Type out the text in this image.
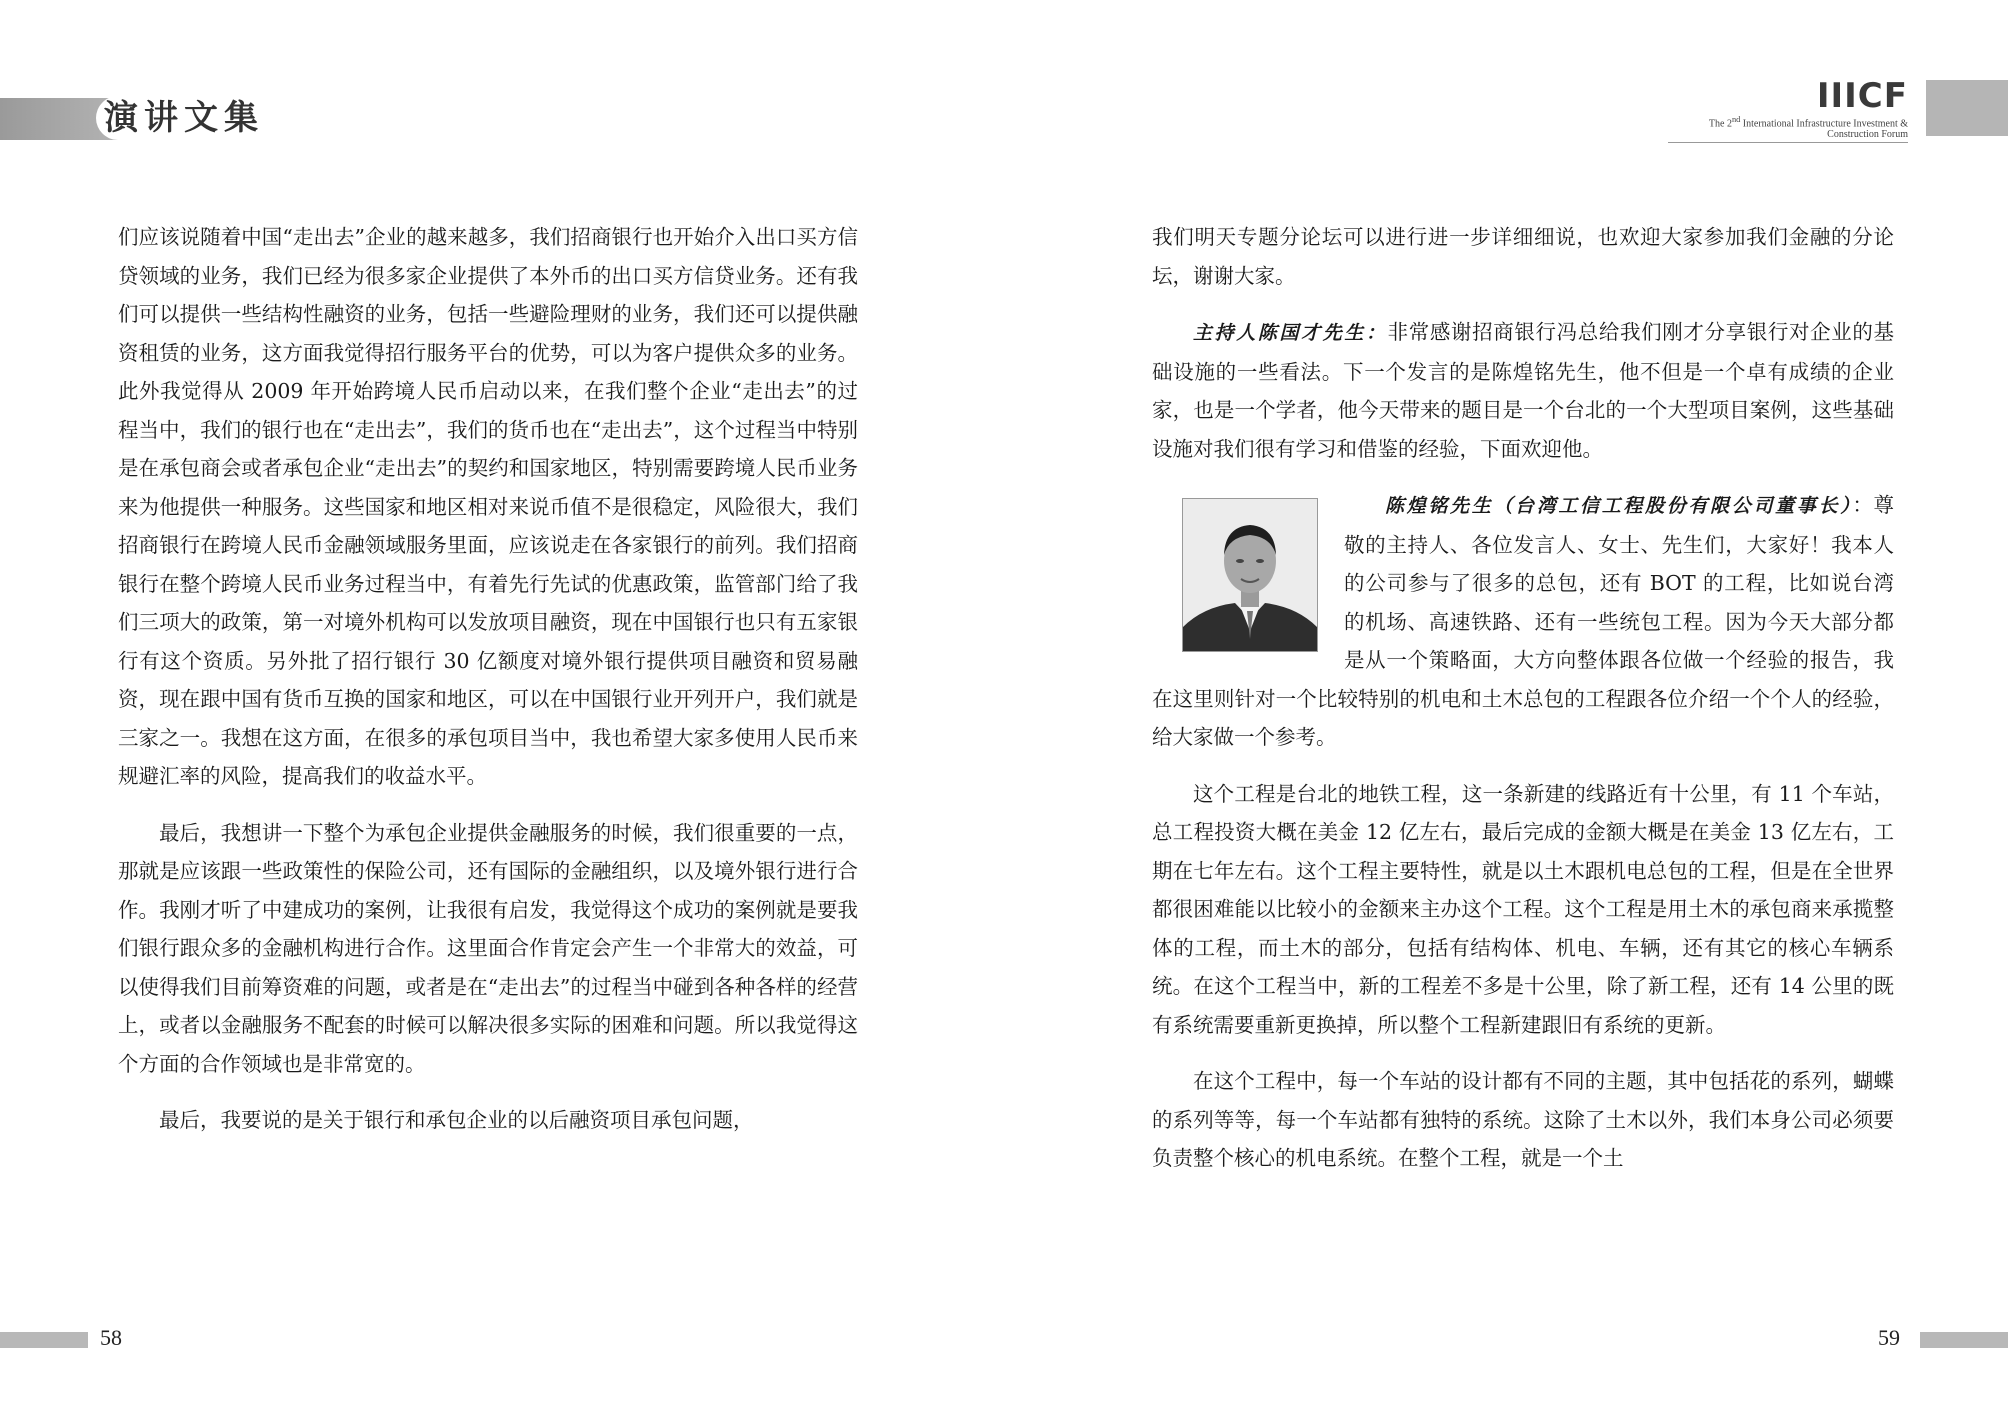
演讲文集

们应该说随着中国“走出去”企业的越来越多，我们招商银行也开始介入出口买方信贷领域的业务，我们已经为很多家企业提供了本外币的出口买方信贷业务。还有我们可以提供一些结构性融资的业务，包括一些避险理财的业务，我们还可以提供融资租赁的业务，这方面我觉得招行服务平台的优势，可以为客户提供众多的业务。此外我觉得从 2009 年开始跨境人民币启动以来，在我们整个企业“走出去”的过程当中，我们的银行也在“走出去”，我们的货币也在“走出去”，这个过程当中特别是在承包商会或者承包企业“走出去”的契约和国家地区，特别需要跨境人民币业务来为他提供一种服务。这些国家和地区相对来说币值不是很稳定，风险很大，我们招商银行在跨境人民币金融领域服务里面，应该说走在各家银行的前列。我们招商银行在整个跨境人民币业务过程当中，有着先行先试的优惠政策，监管部门给了我们三项大的政策，第一对境外机构可以发放项目融资，现在中国银行也只有五家银行有这个资质。另外批了招行银行 30 亿额度对境外银行提供项目融资和贸易融资，现在跟中国有货币互换的国家和地区，可以在中国银行业开列开户，我们就是三家之一。我想在这方面，在很多的承包项目当中，我也希望大家多使用人民币来规避汇率的风险，提高我们的收益水平。

最后，我想讲一下整个为承包企业提供金融服务的时候，我们很重要的一点，那就是应该跟一些政策性的保险公司，还有国际的金融组织，以及境外银行进行合作。我刚才听了中建成功的案例，让我很有启发，我觉得这个成功的案例就是要我们银行跟众多的金融机构进行合作。这里面合作肯定会产生一个非常大的效益，可以使得我们目前筹资难的问题，或者是在“走出去”的过程当中碰到各种各样的经营上，或者以金融服务不配套的时候可以解决很多实际的困难和问题。所以我觉得这个方面的合作领域也是非常宽的。

最后，我要说的是关于银行和承包企业的以后融资项目承包问题，

58
IIICF
The 2nd International Infrastructure Investment & Construction Forum

我们明天专题分论坛可以进行进一步详细细说，也欢迎大家参加我们金融的分论坛，谢谢大家。

主持人陈国才先生：非常感谢招商银行冯总给我们刚才分享银行对企业的基础设施的一些看法。下一个发言的是陈煌铭先生，他不但是一个卓有成绩的企业家，也是一个学者，他今天带来的题目是一个台北的一个大型项目案例，这些基础设施对我们很有学习和借鉴的经验，下面欢迎他。

陈煌铭先生（台湾工信工程股份有限公司董事长）：尊敬的主持人、各位发言人、女士、先生们，大家好！我本人的公司参与了很多的总包，还有 BOT 的工程，比如说台湾的机场、高速铁路、还有一些统包工程。因为今天大部分都是从一个策略面，大方向整体跟各位做一个经验的报告，我在这里则针对一个比较特别的机电和土木总包的工程跟各位介绍一个个人的经验，给大家做一个参考。

这个工程是台北的地铁工程，这一条新建的线路近有十公里，有 11 个车站，总工程投资大概在美金 12 亿左右，最后完成的金额大概是在美金 13 亿左右，工期在七年左右。这个工程主要特性，就是以土木跟机电总包的工程，但是在全世界都很困难能以比较小的金额来主办这个工程。这个工程是用土木的承包商来承揽整体的工程，而土木的部分，包括有结构体、机电、车辆，还有其它的核心车辆系统。在这个工程当中，新的工程差不多是十公里，除了新工程，还有 14 公里的既有系统需要重新更换掉，所以整个工程新建跟旧有系统的更新。

在这个工程中，每一个车站的设计都有不同的主题，其中包括花的系列，蝴蝶的系列等等，每一个车站都有独特的系统。这除了土木以外，我们本身公司必须要负责整个核心的机电系统。在整个工程，就是一个土

59
